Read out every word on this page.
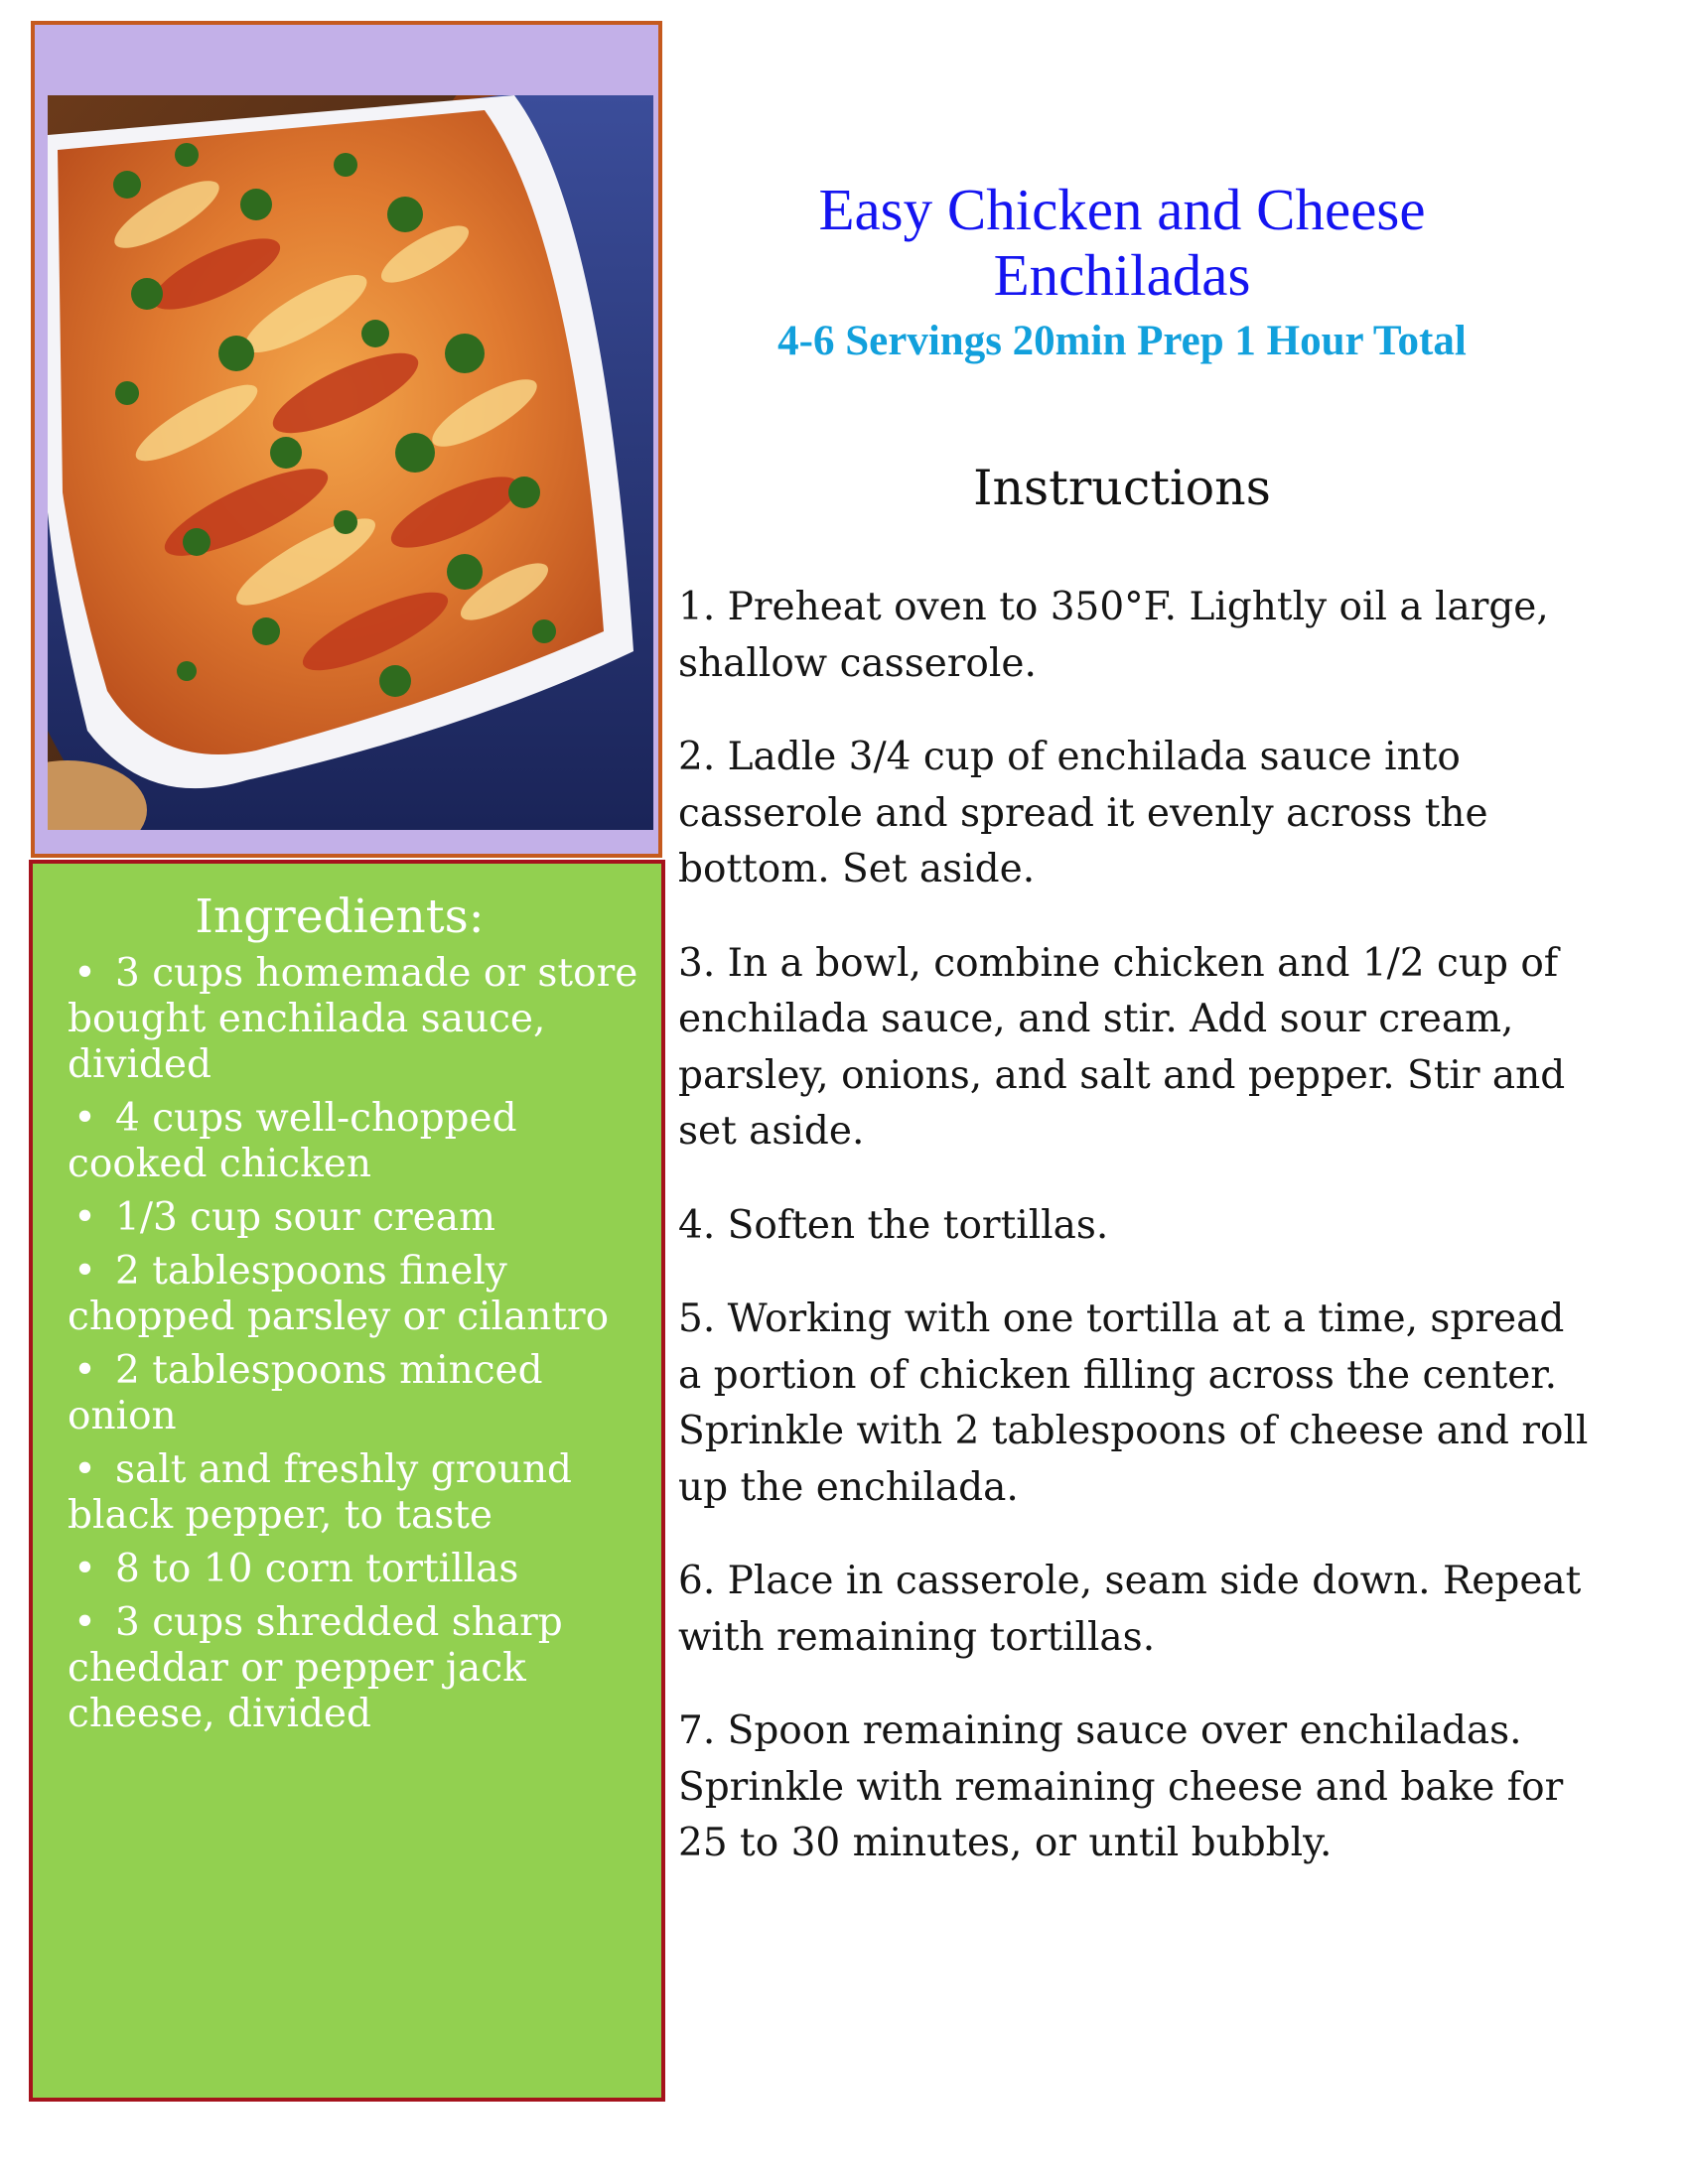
Ingredients:
• 3 cups homemade or store bought enchilada sauce, divided
• 4 cups well-chopped cooked chicken
• 1/3 cup sour cream
• 2 tablespoons finely chopped parsley or cilantro
• 2 tablespoons minced onion
• salt and freshly ground black pepper, to taste
• 8 to 10 corn tortillas
• 3 cups shredded sharp cheddar or pepper jack cheese, divided
Easy Chicken and Cheese
Enchiladas
4-6 Servings 20min Prep 1 Hour Total
Instructions

1. Preheat oven to 350°F. Lightly oil a large, shallow casserole.

2. Ladle 3/4 cup of enchilada sauce into casserole and spread it evenly across the bottom. Set aside.

3. In a bowl, combine chicken and 1/2 cup of enchilada sauce, and stir. Add sour cream, parsley, onions, and salt and pepper. Stir and set aside.

4. Soften the tortillas.

5. Working with one tortilla at a time, spread a portion of chicken filling across the center. Sprinkle with 2 tablespoons of cheese and roll up the enchilada.

6. Place in casserole, seam side down. Repeat with remaining tortillas.

7. Spoon remaining sauce over enchiladas. Sprinkle with remaining cheese and bake for 25 to 30 minutes, or until bubbly.
